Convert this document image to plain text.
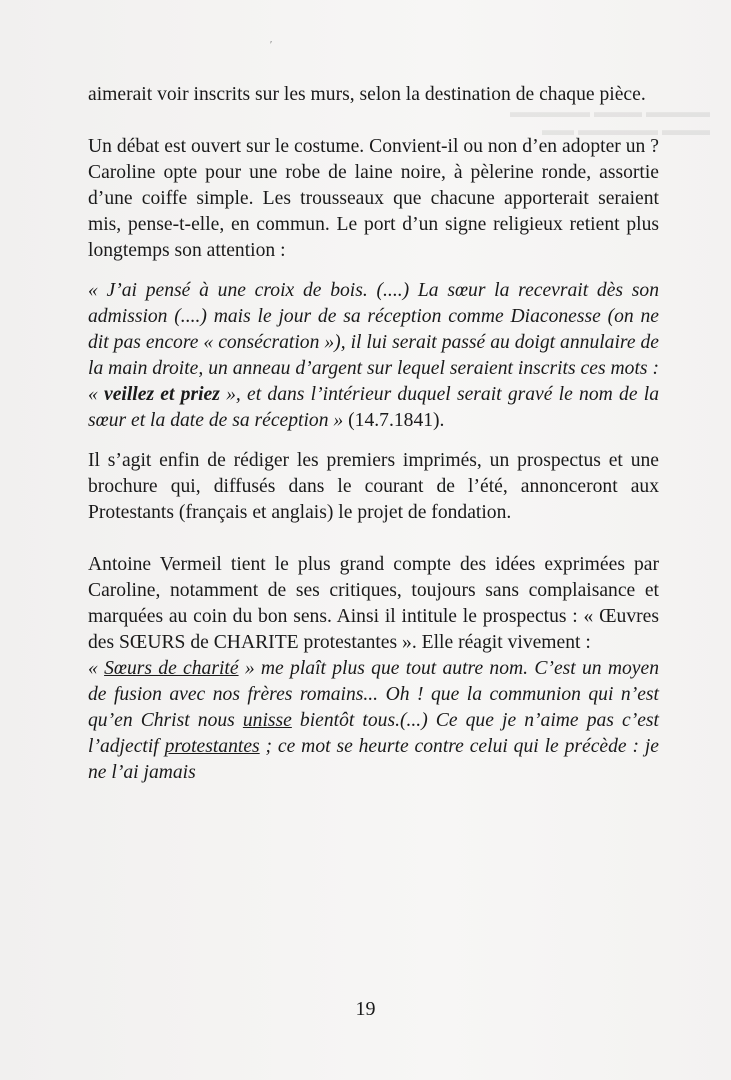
′
▬▬▬▬ ▬▬▬ ▬▬▬▬▬
▬▬▬ ▬▬▬▬▬ ▬▬

aimerait voir inscrits sur les murs, selon la destination de chaque pièce.

Un débat est ouvert sur le costume. Convient-il ou non d’en adopter un ? Caroline opte pour une robe de laine noire, à pèlerine ronde, assortie d’une coiffe simple. Les trousseaux que chacune apporterait seraient mis, pense-t-elle, en commun. Le port d’un signe religieux retient plus longtemps son attention :

« J’ai pensé à une croix de bois. (....) La sœur la recevrait dès son admission (....) mais le jour de sa réception comme Diaconesse (on ne dit pas encore « consécration »), il lui serait passé au doigt annulaire de la main droite, un anneau d’argent sur lequel seraient inscrits ces mots : « veillez et priez », et dans l’intérieur duquel serait gravé le nom de la sœur et la date de sa réception » (14.7.1841).

Il s’agit enfin de rédiger les premiers imprimés, un prospectus et une brochure qui, diffusés dans le courant de l’été, annonceront aux Protestants (français et anglais) le projet de fondation.

Antoine Vermeil tient le plus grand compte des idées exprimées par Caroline, notamment de ses critiques, toujours sans complaisance et marquées au coin du bon sens. Ainsi il intitule le prospectus : « Œuvres des SŒURS de CHARITE protestantes ». Elle réagit vivement :

« Sœurs de charité » me plaît plus que tout autre nom. C’est un moyen de fusion avec nos frères romains... Oh ! que la communion qui n’est qu’en Christ nous unisse bientôt tous.(...) Ce que je n’aime pas c’est l’adjectif protestantes ; ce mot se heurte contre celui qui le précède : je ne l’ai jamais

19
